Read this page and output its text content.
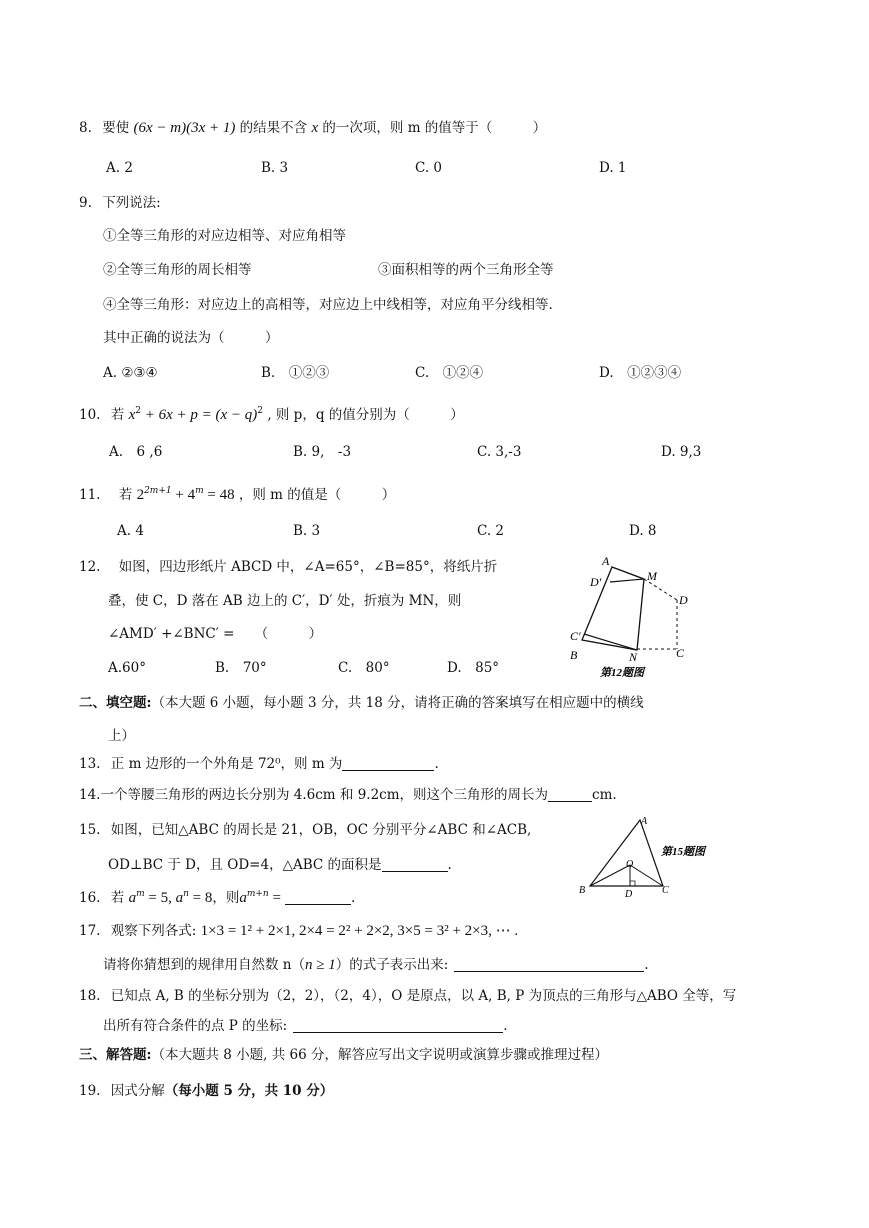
8. 要使 (6x − m)(3x + 1) 的结果不含 x 的一次项，则 m 的值等于（　　　）
A. 2	B. 3	C. 0	D. 1
9. 下列说法:
①全等三角形的对应边相等、对应角相等
②全等三角形的周长相等	③面积相等的两个三角形全等
④全等三角形：对应边上的高相等，对应边上中线相等，对应角平分线相等.
其中正确的说法为（　　　）
A. ②③④	B.　①②③	C.　①②④	D.　①②③④
10. 若 $x^2 + 6x + p = (x - q)^2$ , 则 p，q 的值分别为（　　　）
A.　6 ,6	B. 9,　-3	C. 3,-3	D. 9,3
11. 若 $2^{2m+1} + 4^m = 48$ ，则 m 的值是（　　　）
A. 4	B. 3	C. 2	D. 8
12. 如图，四边形纸片 ABCD 中，∠A=65°，∠B=85°，将纸片折
叠，使 C，D 落在 AB 边上的 C′，D′ 处，折痕为 MN，则
∠AMD′ +∠BNC′ =　　（　　　）
A.60°	B.　70°	C.　80°	D.　85°
A
D′	M
D
C′
B	N	C
第12题图
二、填空题:（本大题 6 小题，每小题 3 分，共 18 分，请将正确的答案填写在相应题中的横线
上）
13. 正 m 边形的一个外角是 72⁰，则 m 为	.
14.一个等腰三角形的两边长分别为 4.6cm 和 9.2cm，则这个三角形的周长为	cm.
15. 如图，已知△ABC 的周长是 21，OB，OC 分别平分∠ABC 和∠ACB,
OD⊥BC 于 D，且 OD=4，△ABC 的面积是	.
A
O
B	D	C
第15题图
16. 若 $a^m = 5$, $a^n = 8$，则$a^{m+n}$ =	.
17. 观察下列各式: 1×3 = 1² + 2×1, 2×4 = 2² + 2×2, 3×5 = 3² + 2×3, ⋯ .
请将你猜想到的规律用自然数 n（n ≥ 1）的式子表示出来:	.
18. 已知点 A, B 的坐标分别为（2，2），（2，4），O 是原点，以 A, B, P 为顶点的三角形与△ABO 全等，写
出所有符合条件的点 P 的坐标:	.
三、解答题:（本大题共 8 小题, 共 66 分，解答应写出文字说明或演算步骤或推理过程）
19. 因式分解（每小题 5 分，共 10 分）
